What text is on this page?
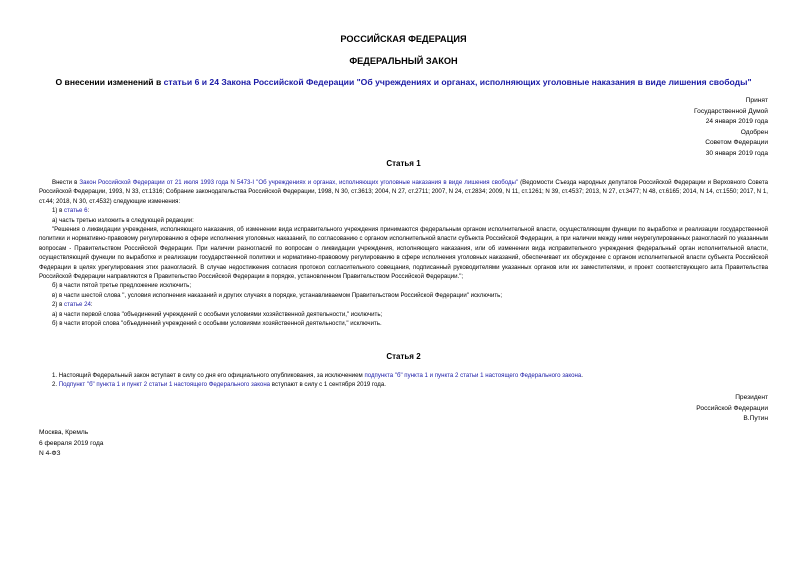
РОССИЙСКАЯ ФЕДЕРАЦИЯ
ФЕДЕРАЛЬНЫЙ ЗАКОН
О внесении изменений в статьи 6 и 24 Закона Российской Федерации "Об учреждениях и органах, исполняющих уголовные наказания в виде лишения свободы"
Принят
Государственной Думой
24 января 2019 года
Одобрен
Советом Федерации
30 января 2019 года
Статья 1

Внести в Закон Российской Федерации от 21 июля 1993 года N 5473-I "Об учреждениях и органах, исполняющих уголовные наказания в виде лишения свободы" (Ведомости Съезда народных депутатов Российской Федерации и Верховного Совета Российской Федерации, 1993, N 33, ст.1316; Собрание законодательства Российской Федерации, 1998, N 30, ст.3613; 2004, N 27, ст.2711; 2007, N 24, ст.2834; 2009, N 11, ст.1261; N 39, ст.4537; 2013, N 27, ст.3477; N 48, ст.6165; 2014, N 14, ст.1550; 2017, N 1, ст.44; 2018, N 30, ст.4532) следующие изменения:

1) в статье 6:

а) часть третью изложить в следующей редакции:

"Решения о ликвидации учреждения, исполняющего наказания, об изменении вида исправительного учреждения принимаются федеральным органом исполнительной власти, осуществляющим функции по выработке и реализации государственной политики и нормативно-правовому регулированию в сфере исполнения уголовных наказаний, по согласованию с органом исполнительной власти субъекта Российской Федерации, а при наличии между ними неурегулированных разногласий по указанным вопросам - Правительством Российской Федерации. При наличии разногласий по вопросам о ликвидации учреждения, исполняющего наказания, или об изменении вида исправительного учреждения федеральный орган исполнительной власти, осуществляющий функции по выработке и реализации государственной политики и нормативно-правовому регулированию в сфере исполнения уголовных наказаний, обеспечивает их обсуждение с органом исполнительной власти субъекта Российской Федерации в целях урегулирования этих разногласий. В случае недостижения согласия протокол согласительного совещания, подписанный руководителями указанных органов или их заместителями, и проект соответствующего акта Правительства Российской Федерации направляются в Правительство Российской Федерации в порядке, установленном Правительством Российской Федерации.";

б) в части пятой третье предложение исключить;

в) в части шестой слова ", условия исполнения наказаний и других случаях в порядке, устанавливаемом Правительством Российской Федерации" исключить;

2) в статье 24:

а) в части первой слова "объединений учреждений с особыми условиями хозяйственной деятельности," исключить;

б) в части второй слова "объединений учреждений с особыми условиями хозяйственной деятельности," исключить.

Статья 2

1. Настоящий Федеральный закон вступает в силу со дня его официального опубликования, за исключением подпункта "б" пункта 1 и пункта 2 статьи 1 настоящего Федерального закона.

2. Подпункт "б" пункта 1 и пункт 2 статьи 1 настоящего Федерального закона вступают в силу с 1 сентября 2019 года.

Президент
Российской Федерации
В.Путин
Москва, Кремль
6 февраля 2019 года
N 4-ФЗ
